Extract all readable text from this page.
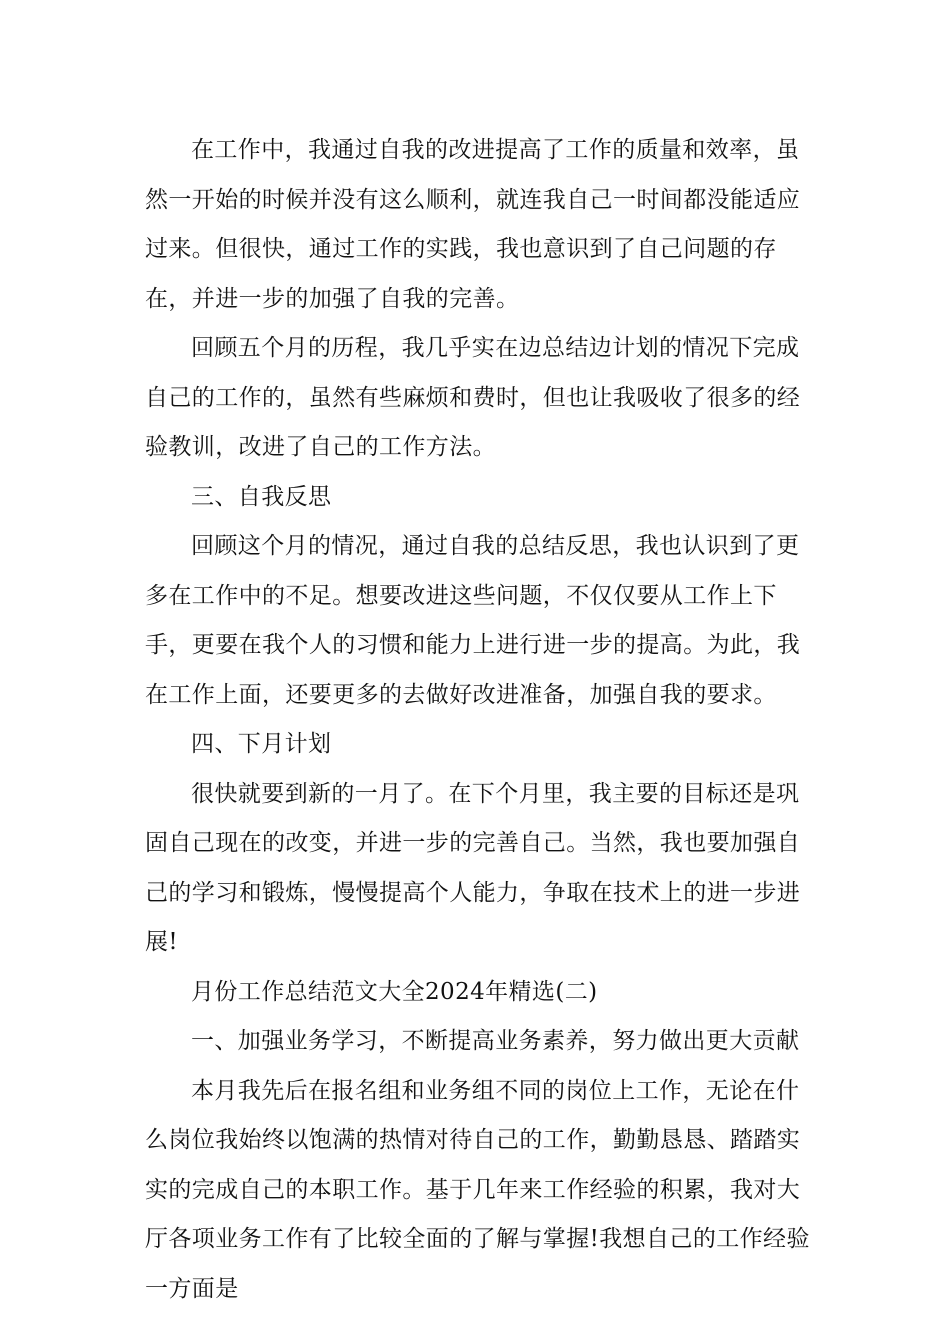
在工作中，我通过自我的改进提高了工作的质量和效率，虽然一开始的时候并没有这么顺利，就连我自己一时间都没能适应过来。但很快，通过工作的实践，我也意识到了自己问题的存在，并进一步的加强了自我的完善。

回顾五个月的历程，我几乎实在边总结边计划的情况下完成自己的工作的，虽然有些麻烦和费时，但也让我吸收了很多的经验教训，改进了自己的工作方法。

三、自我反思

回顾这个月的情况，通过自我的总结反思，我也认识到了更多在工作中的不足。想要改进这些问题，不仅仅要从工作上下手，更要在我个人的习惯和能力上进行进一步的提高。为此，我在工作上面，还要更多的去做好改进准备，加强自我的要求。

四、下月计划

很快就要到新的一月了。在下个月里，我主要的目标还是巩固自己现在的改变，并进一步的完善自己。当然，我也要加强自己的学习和锻炼，慢慢提高个人能力，争取在技术上的进一步进展!

月份工作总结范文大全2024年精选(二)

一、加强业务学习，不断提高业务素养，努力做出更大贡献

本月我先后在报名组和业务组不同的岗位上工作，无论在什么岗位我始终以饱满的热情对待自己的工作，勤勤恳恳、踏踏实实的完成自己的本职工作。基于几年来工作经验的积累，我对大厅各项业务工作有了比较全面的了解与掌握!我想自己的工作经验一方面是
